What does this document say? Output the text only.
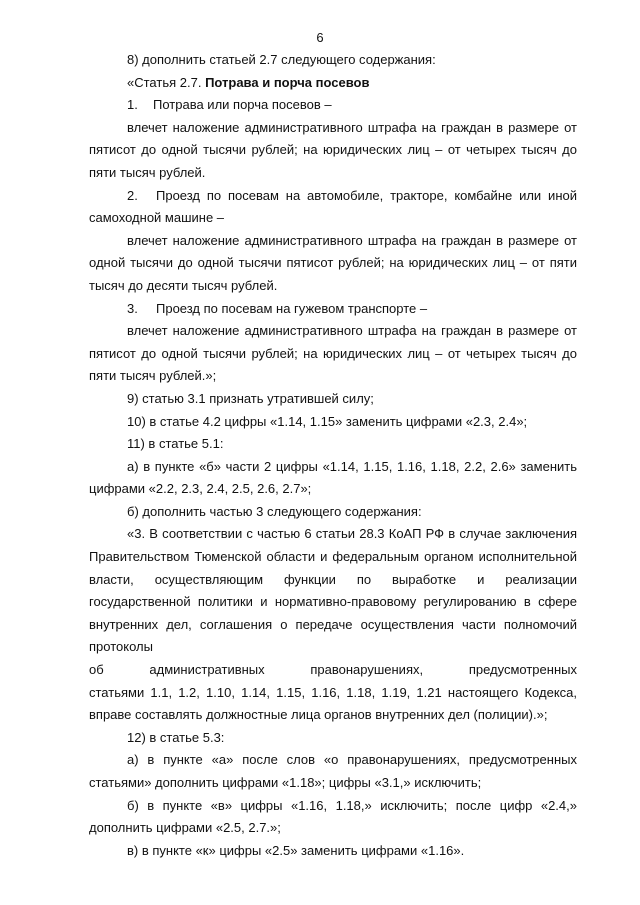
6

8) дополнить статьей 2.7 следующего содержания:

«Статья 2.7. Потрава и порча посевов

1. Потрава или порча посевов –

влечет наложение административного штрафа на граждан в размере от пятисот до одной тысячи рублей; на юридических лиц – от четырех тысяч до пяти тысяч рублей.

2. Проезд по посевам на автомобиле, тракторе, комбайне или иной самоходной машине –

влечет наложение административного штрафа на граждан в размере от одной тысячи до одной тысячи пятисот рублей; на юридических лиц – от пяти тысяч до десяти тысяч рублей.

3. Проезд по посевам на гужевом транспорте –

влечет наложение административного штрафа на граждан в размере от пятисот до одной тысячи рублей; на юридических лиц – от четырех тысяч до пяти тысяч рублей.»;

9) статью 3.1 признать утратившей силу;

10) в статье 4.2 цифры «1.14, 1.15» заменить цифрами «2.3, 2.4»;

11) в статье 5.1:

а) в пункте «б» части 2 цифры «1.14, 1.15, 1.16, 1.18, 2.2, 2.6» заменить цифрами «2.2, 2.3, 2.4, 2.5, 2.6, 2.7»;

б) дополнить частью 3 следующего содержания:

«3. В соответствии с частью 6 статьи 28.3 КоАП РФ в случае заключения Правительством Тюменской области и федеральным органом исполнительной власти, осуществляющим функции по выработке и реализации государственной политики и нормативно-правовому регулированию в сфере внутренних дел, соглашения о передаче осуществления части полномочий протоколы

об	административных	правонарушениях,	предусмотренных

статьями 1.1, 1.2, 1.10, 1.14, 1.15, 1.16, 1.18, 1.19, 1.21 настоящего Кодекса, вправе составлять должностные лица органов внутренних дел (полиции).»;

12) в статье 5.3:

а) в пункте «а» после слов «о правонарушениях, предусмотренных статьями» дополнить цифрами «1.18»; цифры «3.1,» исключить;

б) в пункте «в» цифры «1.16, 1.18,» исключить; после цифр «2.4,» дополнить цифрами «2.5, 2.7.»;

в) в пункте «к» цифры «2.5» заменить цифрами «1.16».
